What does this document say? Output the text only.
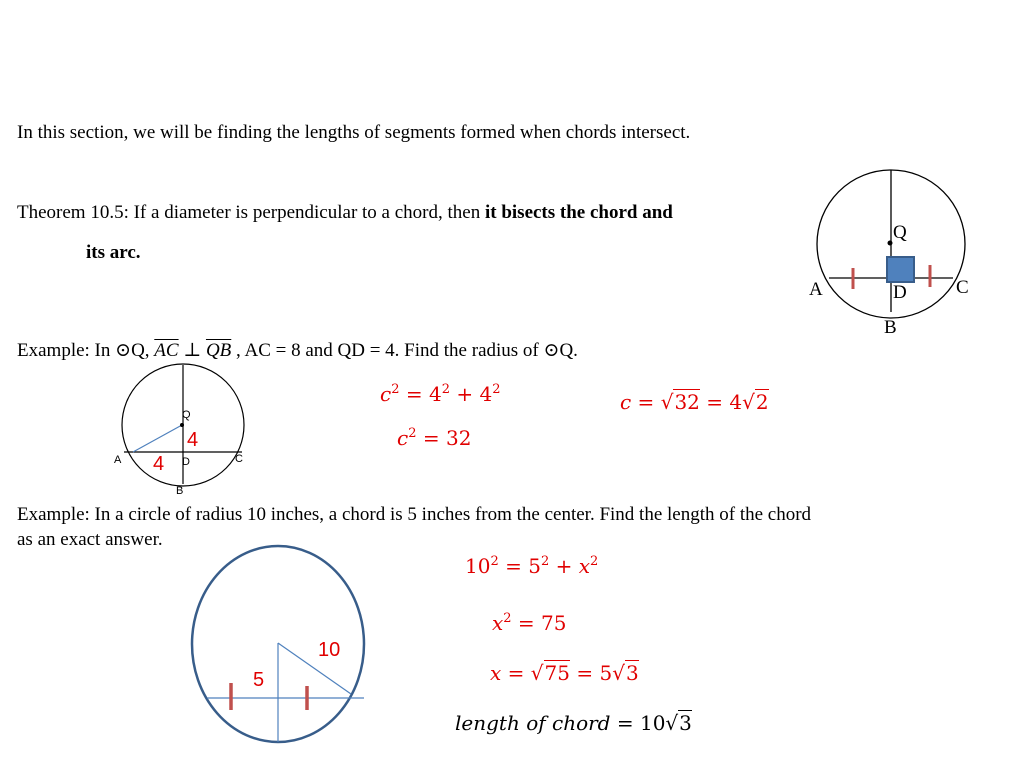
In this section, we will be finding the lengths of segments formed when chords intersect.
Theorem 10.5: If a diameter is perpendicular to a chord, then it bisects the chord and
its arc.
Q
A	C
D
B
Example: In ⊙Q, $\overline{AC}$ ⊥ $\overline{QB}$ , AC = 8 and QD = 4. Find the radius of ⊙Q.
Q
A	C
D
B
4
4
$c^2 = 4^2 + 4^2$
$c^2 = 32$
c = √32 = 4√2
Example: In a circle of radius 10 inches, a chord is 5 inches from the center. Find the length of the chord
as an exact answer.
10
5
$10^2 = 5^2 + x^2$
$x^2 = 75$
x = √75 = 5√3
length of chord = 10√3
